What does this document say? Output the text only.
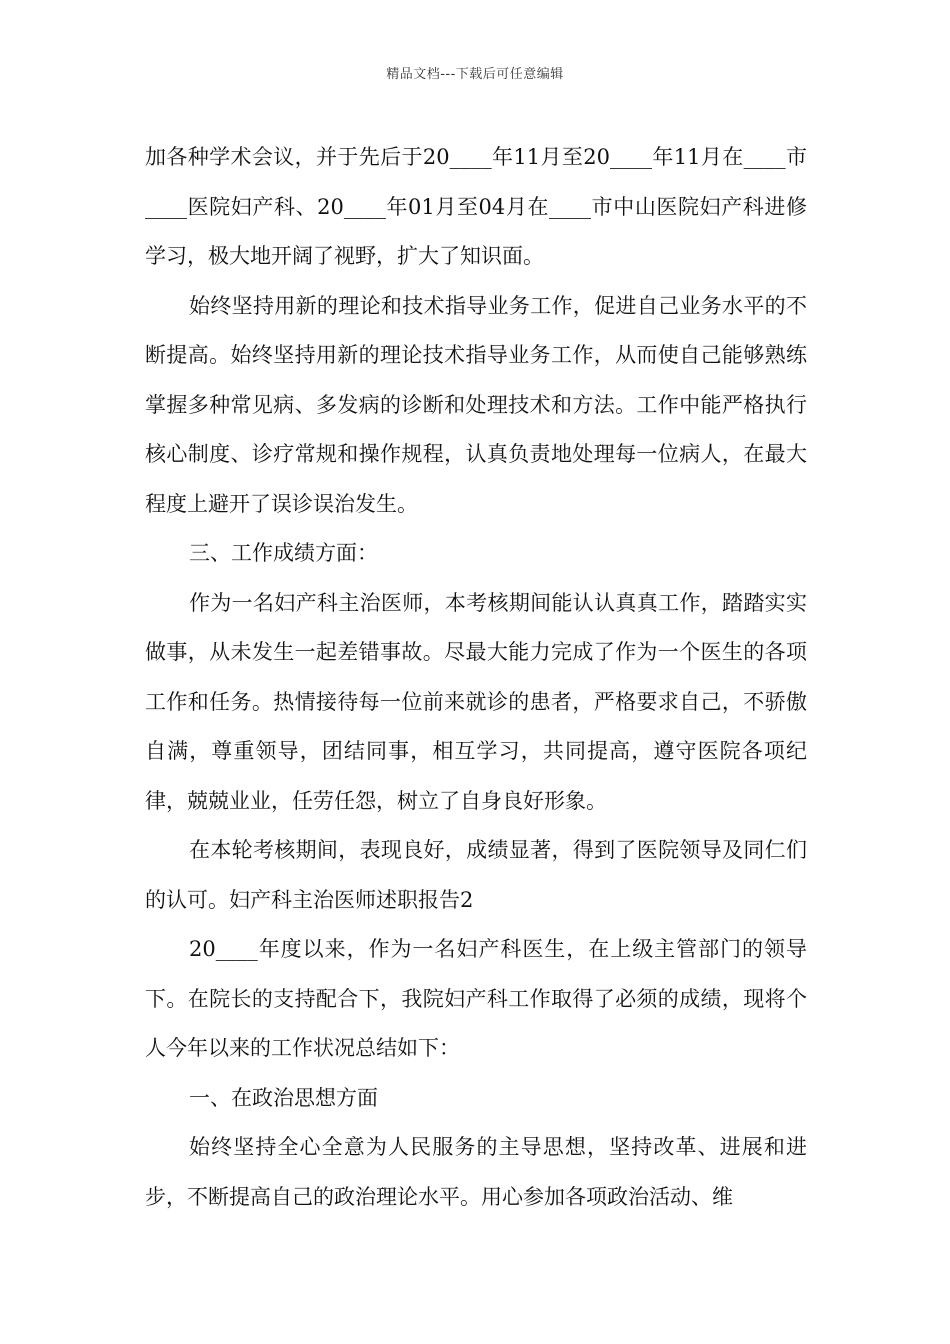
精品文档---下载后可任意编辑

加各种学术会议，并于先后于20____年11月至20____年11月在____市____医院妇产科、20____年01月至04月在____市中山医院妇产科进修学习，极大地开阔了视野，扩大了知识面。

始终坚持用新的理论和技术指导业务工作，促进自己业务水平的不断提高。始终坚持用新的理论技术指导业务工作，从而使自己能够熟练掌握多种常见病、多发病的诊断和处理技术和方法。工作中能严格执行核心制度、诊疗常规和操作规程，认真负责地处理每一位病人，在最大程度上避开了误诊误治发生。

三、工作成绩方面：

作为一名妇产科主治医师，本考核期间能认认真真工作，踏踏实实做事，从未发生一起差错事故。尽最大能力完成了作为一个医生的各项工作和任务。热情接待每一位前来就诊的患者，严格要求自己，不骄傲自满，尊重领导，团结同事，相互学习，共同提高，遵守医院各项纪律，兢兢业业，任劳任怨，树立了自身良好形象。

在本轮考核期间，表现良好，成绩显著，得到了医院领导及同仁们的认可。妇产科主治医师述职报告2

20____年度以来，作为一名妇产科医生，在上级主管部门的领导下。在院长的支持配合下，我院妇产科工作取得了必须的成绩，现将个人今年以来的工作状况总结如下：

一、在政治思想方面

始终坚持全心全意为人民服务的主导思想，坚持改革、进展和进步，不断提高自己的政治理论水平。用心参加各项政治活动、维
